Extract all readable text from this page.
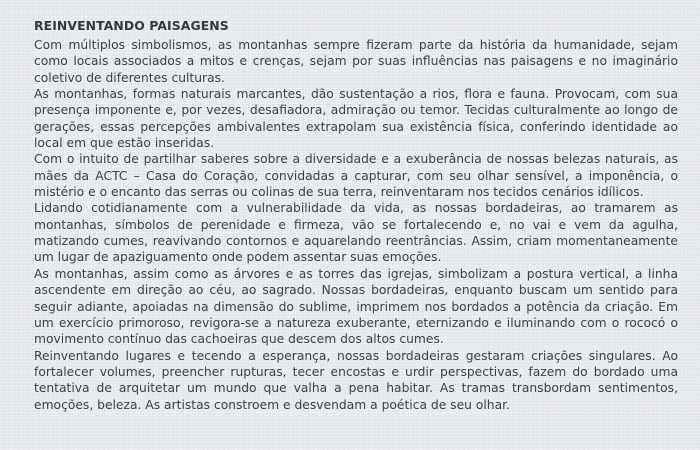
REINVENTANDO PAISAGENS

Com múltiplos simbolismos, as montanhas sempre fizeram parte da história da humanidade, sejam como locais associados a mitos e crenças, sejam por suas influências nas paisagens e no imaginário coletivo de diferentes culturas.

As montanhas, formas naturais marcantes, dão sustentação a rios, flora e fauna. Provocam, com sua presença imponente e, por vezes, desafiadora, admiração ou temor. Tecidas culturalmente ao longo de gerações, essas percepções ambivalentes extrapolam sua existência física, conferindo identidade ao local em que estão inseridas.

Com o intuito de partilhar saberes sobre a diversidade e a exuberância de nossas belezas naturais, as mães da ACTC – Casa do Coração, convidadas a capturar, com seu olhar sensível, a imponência, o mistério e o encanto das serras ou colinas de sua terra, reinventaram nos tecidos cenários idílicos.

Lidando cotidianamente com a vulnerabilidade da vida, as nossas bordadeiras, ao tramarem as montanhas, símbolos de perenidade e firmeza, vão se fortalecendo e, no vai e vem da agulha, matizando cumes, reavivando contornos e aquarelando reentrâncias. Assim, criam momentaneamente um lugar de apaziguamento onde podem assentar suas emoções.

As montanhas, assim como as árvores e as torres das igrejas, simbolizam a postura vertical, a linha ascendente em direção ao céu, ao sagrado. Nossas bordadeiras, enquanto buscam um sentido para seguir adiante, apoiadas na dimensão do sublime, imprimem nos bordados a potência da criação. Em um exercício primoroso, revigora-se a natureza exuberante, eternizando e iluminando com o rococó o movimento contínuo das cachoeiras que descem dos altos cumes.

Reinventando lugares e tecendo a esperança, nossas bordadeiras gestaram criações singulares. Ao fortalecer volumes, preencher rupturas, tecer encostas e urdir perspectivas, fazem do bordado uma tentativa de arquitetar um mundo que valha a pena habitar. As tramas transbordam sentimentos, emoções, beleza. As artistas constroem e desvendam a poética de seu olhar.
